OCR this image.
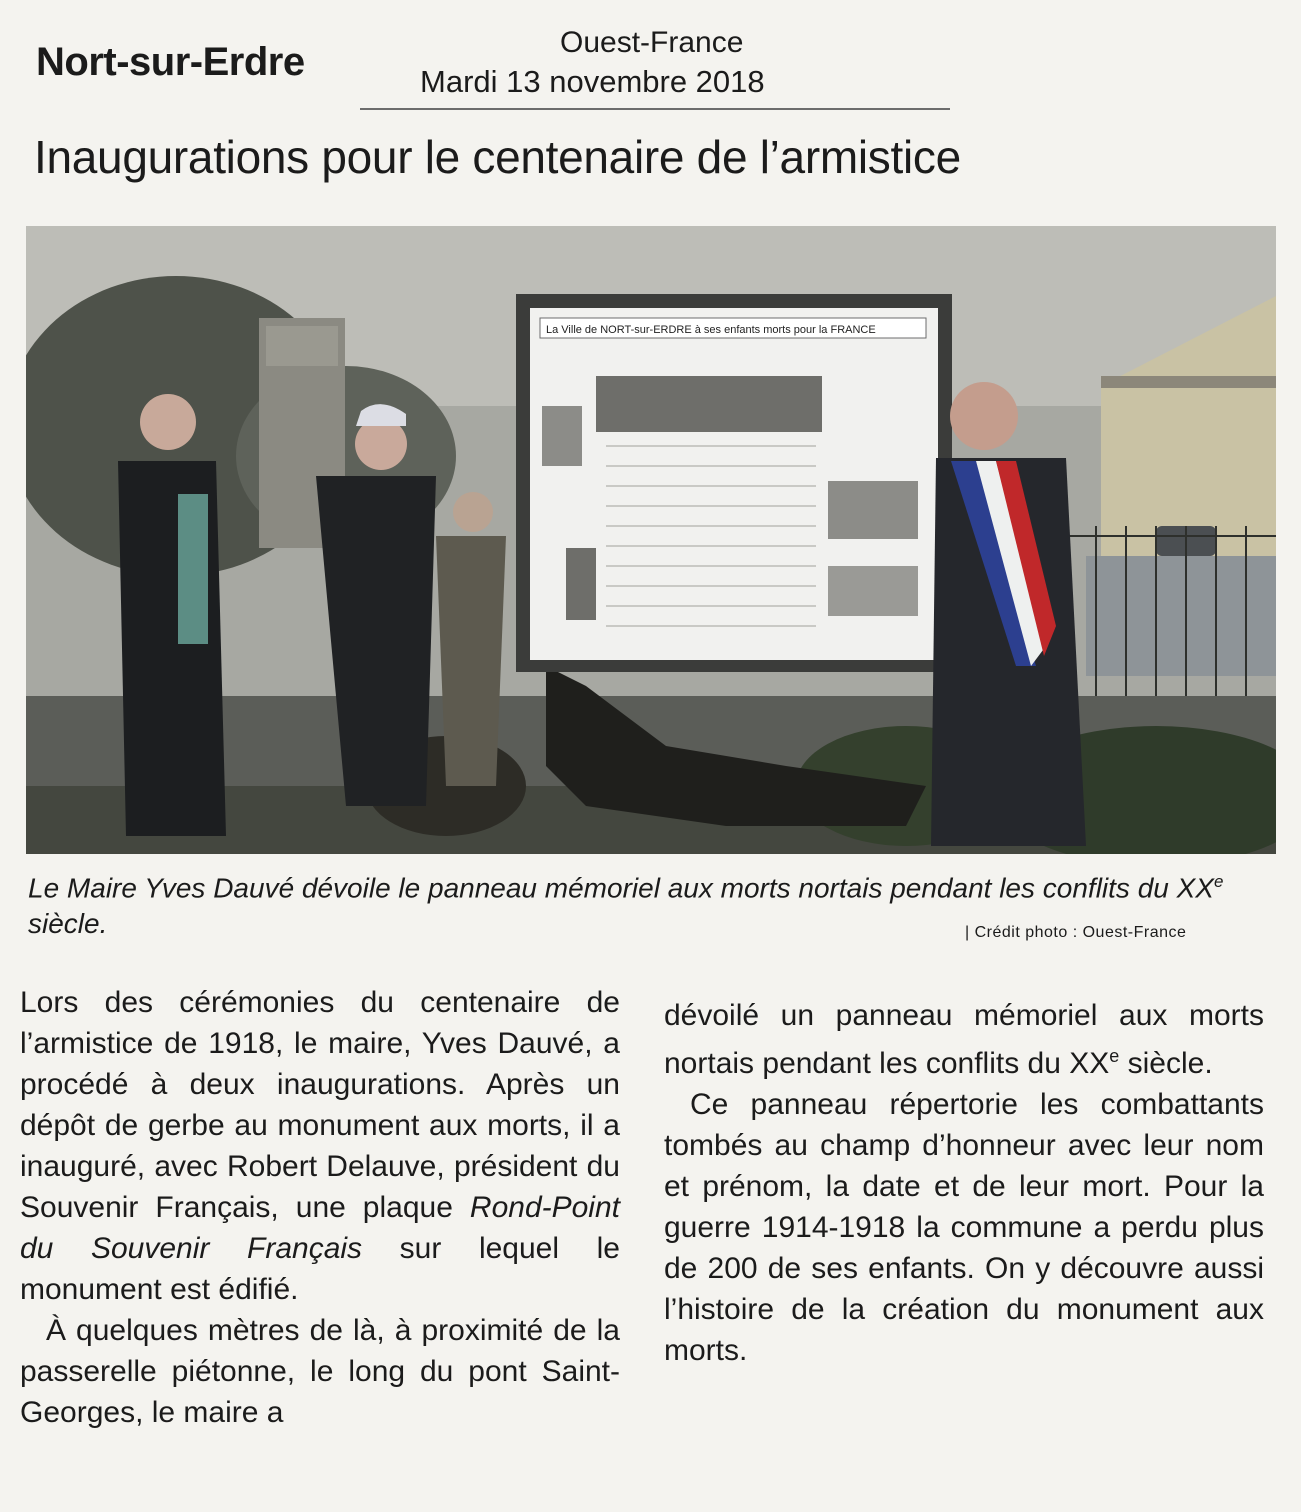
Nort-sur-Erdre	Ouest-France
Mardi 13 novembre 2018
Inaugurations pour le centenaire de l’armistice
La Ville de NORT-sur-ERDRE à ses enfants morts pour la FRANCE
Le Maire Yves Dauvé dévoile le panneau mémoriel aux morts nortais pendant les conflits du XXe siècle.	| Crédit photo : Ouest-France

Lors des cérémonies du centenaire de l’armistice de 1918, le maire, Yves Dauvé, a procédé à deux inaugurations. Après un dépôt de gerbe au monument aux morts, il a inauguré, avec Robert Delauve, président du Souvenir Français, une plaque Rond-Point du Souvenir Français sur lequel le monument est édifié.

À quelques mètres de là, à proximité de la passerelle piétonne, le long du pont Saint-Georges, le maire a

dévoilé un panneau mémoriel aux morts nortais pendant les conflits du XXe siècle.

Ce panneau répertorie les combattants tombés au champ d’honneur avec leur nom et prénom, la date et de leur mort. Pour la guerre 1914-1918 la commune a perdu plus de 200 de ses enfants. On y découvre aussi l’histoire de la création du monument aux morts.
